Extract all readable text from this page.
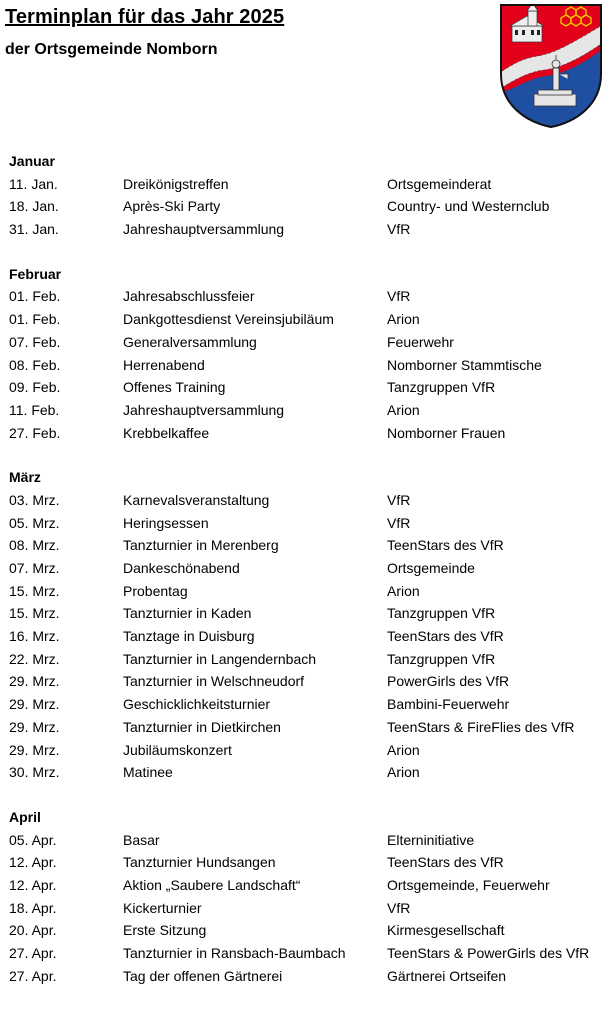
Terminplan für das Jahr 2025
der Ortsgemeinde Nomborn
Januar
11. Jan.	Dreikönigstreffen	Ortsgemeinderat
18. Jan.	Après-Ski Party	Country- und Westernclub
31. Jan.	Jahreshauptversammlung	VfR
Februar
01. Feb.	Jahresabschlussfeier	VfR
01. Feb.	Dankgottesdienst Vereinsjubiläum	Arion
07. Feb.	Generalversammlung	Feuerwehr
08. Feb.	Herrenabend	Nomborner Stammtische
09. Feb.	Offenes Training	Tanzgruppen VfR
11. Feb.	Jahreshauptversammlung	Arion
27. Feb.	Krebbelkaffee	Nomborner Frauen
März
03. Mrz.	Karnevalsveranstaltung	VfR
05. Mrz.	Heringsessen	VfR
08. Mrz.	Tanzturnier in Merenberg	TeenStars des VfR
07. Mrz.	Dankeschönabend	Ortsgemeinde
15. Mrz.	Probentag	Arion
15. Mrz.	Tanzturnier in Kaden	Tanzgruppen VfR
16. Mrz.	Tanztage in Duisburg	TeenStars des VfR
22. Mrz.	Tanzturnier in Langendernbach	Tanzgruppen VfR
29. Mrz.	Tanzturnier in Welschneudorf	PowerGirls des VfR
29. Mrz.	Geschicklichkeitsturnier	Bambini-Feuerwehr
29. Mrz.	Tanzturnier in Dietkirchen	TeenStars & FireFlies des VfR
29. Mrz.	Jubiläumskonzert	Arion
30. Mrz.	Matinee	Arion
April
05. Apr.	Basar	Elterninitiative
12. Apr.	Tanzturnier Hundsangen	TeenStars des VfR
12. Apr.	Aktion „Saubere Landschaft“	Ortsgemeinde, Feuerwehr
18. Apr.	Kickerturnier	VfR
20. Apr.	Erste Sitzung	Kirmesgesellschaft
27. Apr.	Tanzturnier in Ransbach-Baumbach	TeenStars & PowerGirls des VfR
27. Apr.	Tag der offenen Gärtnerei	Gärtnerei Ortseifen
